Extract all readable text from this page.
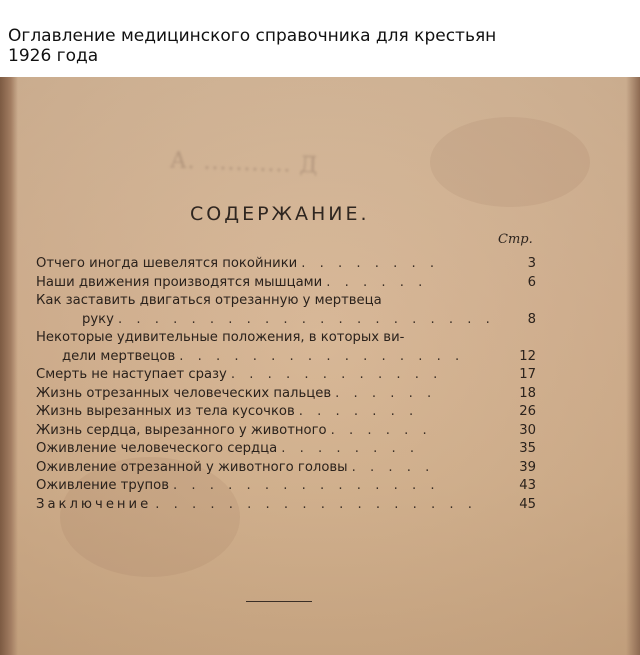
Оглавление медицинского справочника для крестьян
1926 года
А. ........... Д
СОДЕРЖАНИЕ.
Стр.
Отчего иногда шевелятся покойники . . . . . . . .	3
Наши движения производятся мышцами . . . . . .	6
Как заставить двигаться отрезанную у мертвеца
руку . . . . . . . . . . . . . . . . . . . . .	8
Некоторые удивительные положения, в которых ви-
дели мертвецов . . . . . . . . . . . . . . . .	12
Смерть не наступает сразу . . . . . . . . . . . .	17
Жизнь отрезанных человеческих пальцев . . . . . .	18
Жизнь вырезанных из тела кусочков . . . . . . .	26
Жизнь сердца, вырезанного у животного . . . . . .	30
Оживление человеческого сердца . . . . . . . .	35
Оживление отрезанной у животного головы . . . . .	39
Оживление трупов . . . . . . . . . . . . . . .	43
Заключение . . . . . . . . . . . . . . . . . .	45
